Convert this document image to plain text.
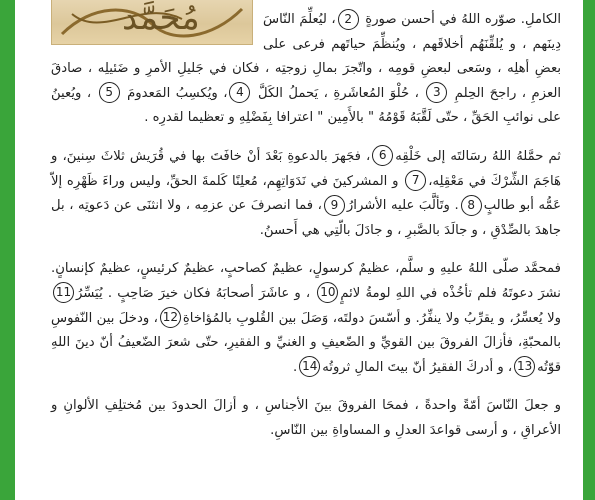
مُحَمَّد	الكاملِ. صوّره اللهُ في أحسن صورةٍ 2، ليُعلِّمَ النّاسَ دِينَهم ، و يُلقِّنَهُم أخلاقَهم ، ويُنظِّمَ حياتَهم فرعى على بعضِ أهلِه ، وسَعى لبعضِ قومِه ، واتّجرَ بمالِ زوجتِه ، فكان في جَليلِ الأمرِ و ضَئيلِه ، صادقَ العزمِ ، راجحَ الحِلمِ 3 ، حُلْوَ المُعاشَرةِ ، يَحملُ الكَلَّ 4، ويُكسِبُ المَعدومَ 5 ، ويُعينُ على نوائبِ الحَقِّ ، حتّى لَقَّبَهُ قَوْمُهُ " بالأَمِين " اعترافا بِفَضْلِهِ و تعظيما لقدرِه .

ثم حمَّلهُ اللهُ رسَالتَه إلى خَلْقِه6، فجَهرَ بالدعوةِ بَعْدَ أنْ خافَتَ بها في قُرَيش ثلاثَ سِنينَ، و هَاجَمَ الشِّرْكَ في مَعْقِلِه،7 و المشركينَ في نَدَوَاتِهِم، مُعلِنًا كَلمةَ الحقِّ، وليس وراءَ ظَهْرِه إلاّ عَمُّه أبو طالبٍ8. وتَألَّبَ عليه الأشرارُ9، فما انصرفَ عن عزمِه ، ولا انثنَى عن دَعوتِه ، بل جاهدَ بالصِّدْقِ ، و جالَدَ بالصَّبرِ ، و جادَلَ بالّتِي هي أَحسنُ.

فمحمَّد صلّى اللهُ عليهِ و سلَّم، عظيمٌ كرسولٍ، عظيمٌ كصاحبٍ، عظيمٌ كرئيسٍ، عظيمٌ كإنسانٍ. نشرَ دعوتَهُ فلم تأخُذْه في اللهِ لومةُ لائمٍ10 ، و عاشَرَ أصحابَهُ فكان خيرَ صَاحِبٍ . يُيَسِّرُ11 ولا يُعسِّرُ، و يقرِّبُ ولا ينفِّرُ. و أسّسَ دولتَه، وَصَلَ بين القُلوبِ بالمُؤاخاةِ12، ودخلَ بين النّفوسِ بالمحبّةِ، فأزالَ الفروقَ بين القويِّ و الضّعيفِ و الغنيِّ و الفقيرِ، حتّى شعرَ الضّعيفُ أنّ دينَ اللهِ قوّتُه13، و أدركَ الفقيرُ أنّ بيتَ المالِ ثروتُه14.

و جعلَ النّاسَ أمّةً واحدةً ، فمحَا الفروقَ بينَ الأجناسِ ، و أزالَ الحدودَ بين مُختلِفِ الألوانِ و الأعراقِ ، و أرسى قواعدَ العدلِ و المساواةِ بين النّاسِ.
